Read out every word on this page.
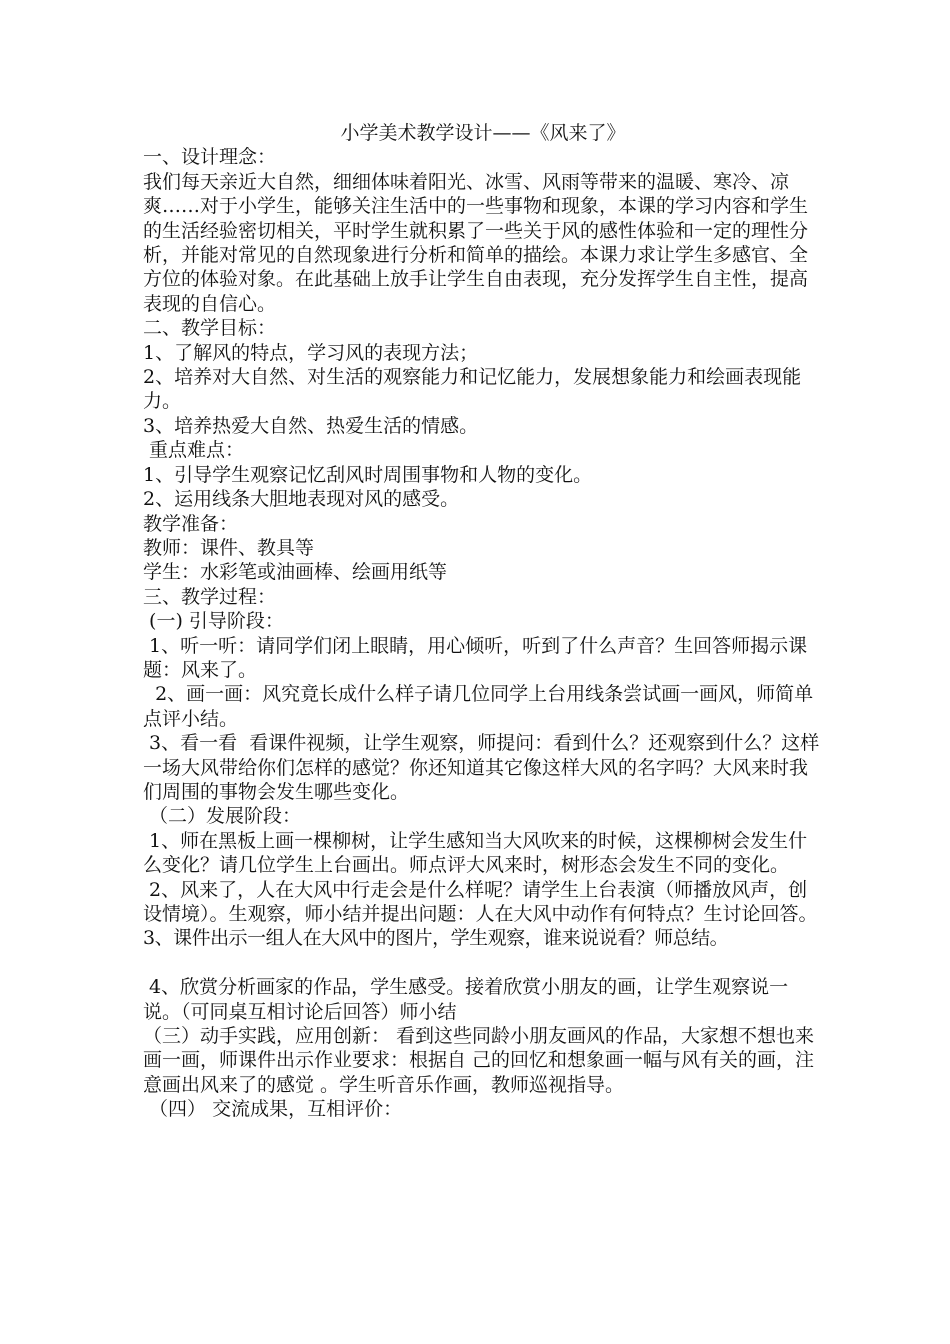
小学美术教学设计——《风来了》

一、设计理念：

我们每天亲近大自然，细细体味着阳光、冰雪、风雨等带来的温暖、寒冷、凉爽……对于小学生，能够关注生活中的一些事物和现象，本课的学习内容和学生的生活经验密切相关，平时学生就积累了一些关于风的感性体验和一定的理性分析，并能对常见的自然现象进行分析和简单的描绘。本课力求让学生多感官、全方位的体验对象。在此基础上放手让学生自由表现，充分发挥学生自主性，提高表现的自信心。

二、教学目标：

1、了解风的特点，学习风的表现方法；

2、培养对大自然、对生活的观察能力和记忆能力，发展想象能力和绘画表现能力。

3、培养热爱大自然、热爱生活的情感。

重点难点：

1、引导学生观察记忆刮风时周围事物和人物的变化。

2、运用线条大胆地表现对风的感受。

教学准备：

教师：课件、教具等

学生：水彩笔或油画棒、绘画用纸等

三、教学过程：

(一) 引导阶段：

1、听一听：请同学们闭上眼睛，用心倾听，听到了什么声音？生回答师揭示课题：风来了。

2、画一画：风究竟长成什么样子请几位同学上台用线条尝试画一画风，师简单点评小结。

3、看一看  看课件视频，让学生观察，师提问：看到什么？还观察到什么？这样一场大风带给你们怎样的感觉？你还知道其它像这样大风的名字吗？大风来时我们周围的事物会发生哪些变化。

（二）发展阶段：

1、师在黑板上画一棵柳树，让学生感知当大风吹来的时候，这棵柳树会发生什么变化？请几位学生上台画出。师点评大风来时，树形态会发生不同的变化。

2、风来了，人在大风中行走会是什么样呢？请学生上台表演（师播放风声，创设情境）。生观察，师小结并提出问题：人在大风中动作有何特点？生讨论回答。

3、课件出示一组人在大风中的图片，学生观察，谁来说说看？师总结。

4、欣赏分析画家的作品，学生感受。接着欣赏小朋友的画，让学生观察说一说。（可同桌互相讨论后回答）师小结

（三）动手实践，应用创新： 看到这些同龄小朋友画风的作品，大家想不想也来画一画，师课件出示作业要求：根据自 己的回忆和想象画一幅与风有关的画，注意画出风来了的感觉 。学生听音乐作画，教师巡视指导。

（四） 交流成果，互相评价：
